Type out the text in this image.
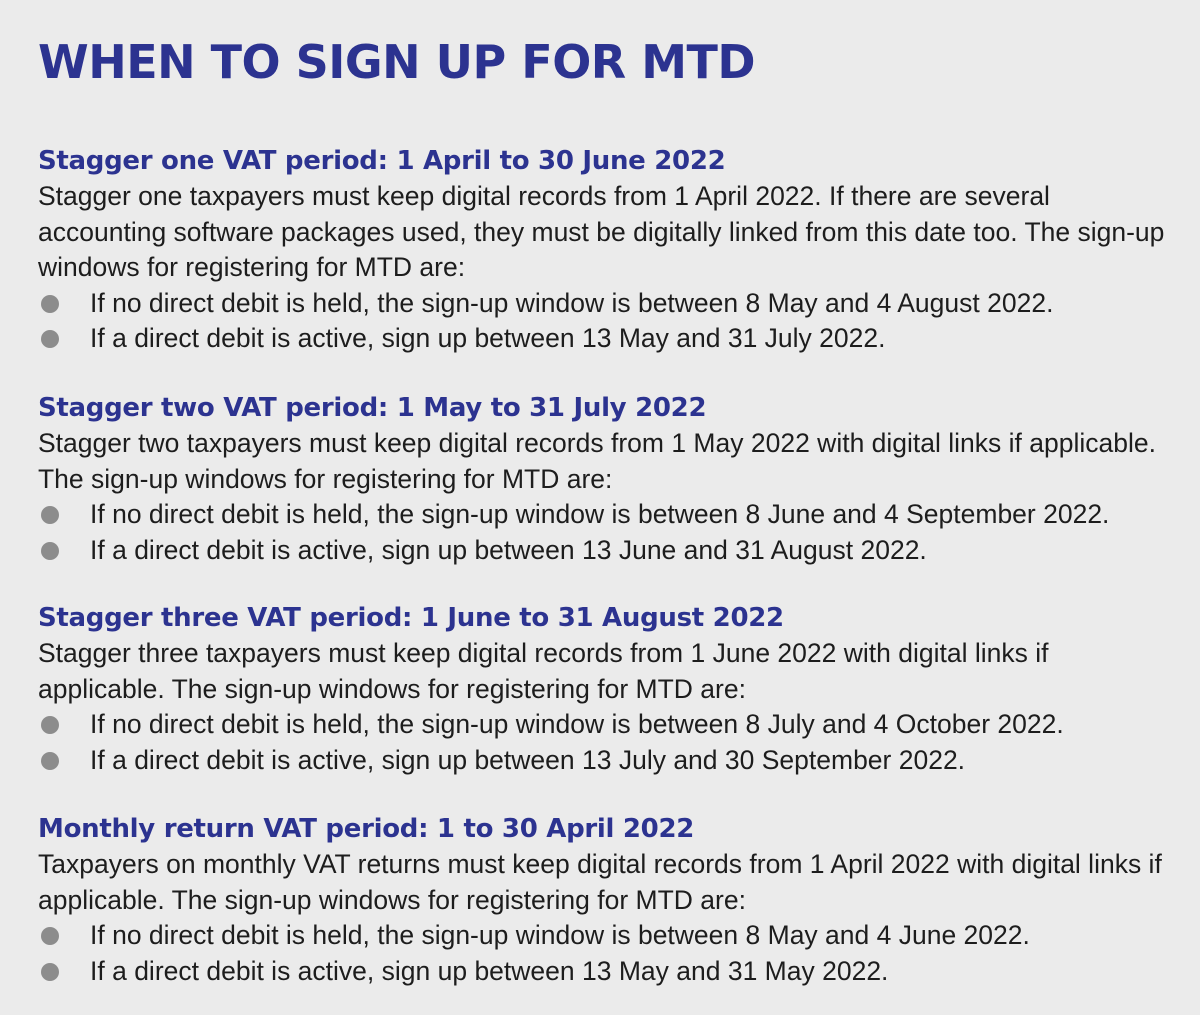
WHEN TO SIGN UP FOR MTD
Stagger one VAT period: 1 April to 30 June 2022

Stagger one taxpayers must keep digital records from 1 April 2022. If there are several accounting software packages used, they must be digitally linked from this date too. The sign-up windows for registering for MTD are:

If no direct debit is held, the sign-up window is between 8 May and 4 August 2022.
If a direct debit is active, sign up between 13 May and 31 July 2022.
Stagger two VAT period: 1 May to 31 July 2022

Stagger two taxpayers must keep digital records from 1 May 2022 with digital links if applicable. The sign-up windows for registering for MTD are:

If no direct debit is held, the sign-up window is between 8 June and 4 September 2022.
If a direct debit is active, sign up between 13 June and 31 August 2022.
Stagger three VAT period: 1 June to 31 August 2022

Stagger three taxpayers must keep digital records from 1 June 2022 with digital links if applicable. The sign-up windows for registering for MTD are:

If no direct debit is held, the sign-up window is between 8 July and 4 October 2022.
If a direct debit is active, sign up between 13 July and 30 September 2022.
Monthly return VAT period: 1 to 30 April 2022

Taxpayers on monthly VAT returns must keep digital records from 1 April 2022 with digital links if applicable. The sign-up windows for registering for MTD are:

If no direct debit is held, the sign-up window is between 8 May and 4 June 2022.
If a direct debit is active, sign up between 13 May and 31 May 2022.
